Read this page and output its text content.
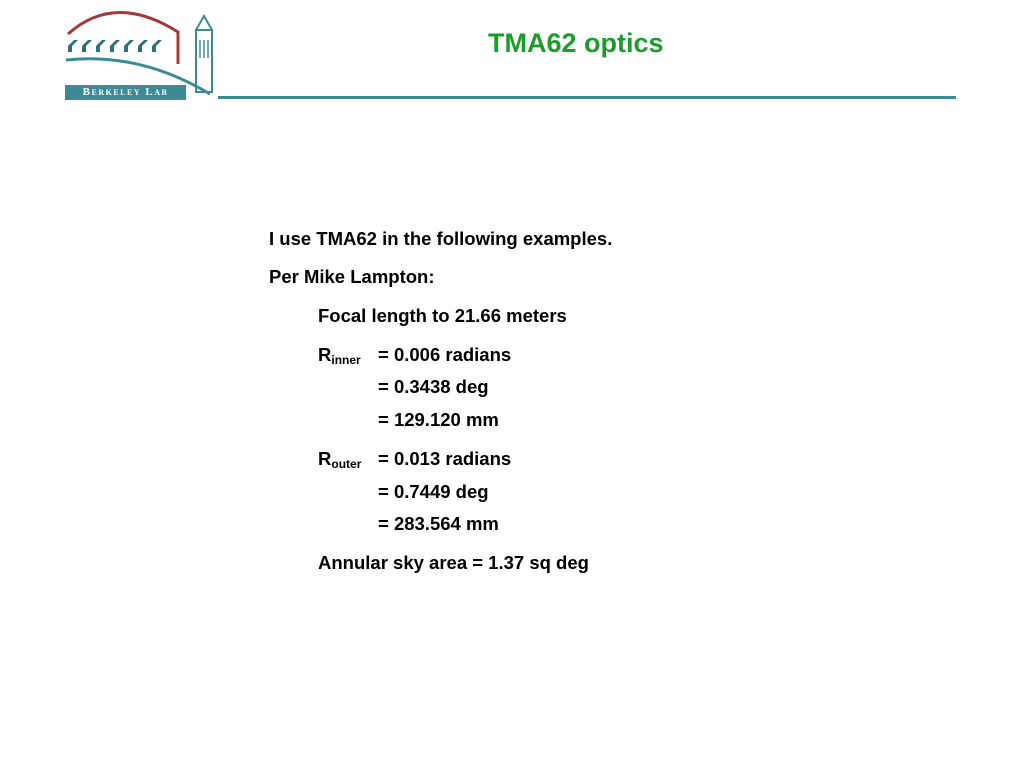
Berkeley Lab
TMA62 optics
I use TMA62 in the following examples.
Per Mike Lampton:
Focal length to 21.66 meters
$R_{inner} = 0.006$ radians
= 0.3438 deg
= 129.120 mm
$R_{outer} = 0.013$ radians
= 0.7449 deg
= 283.564 mm
Annular sky area = 1.37 sq deg
